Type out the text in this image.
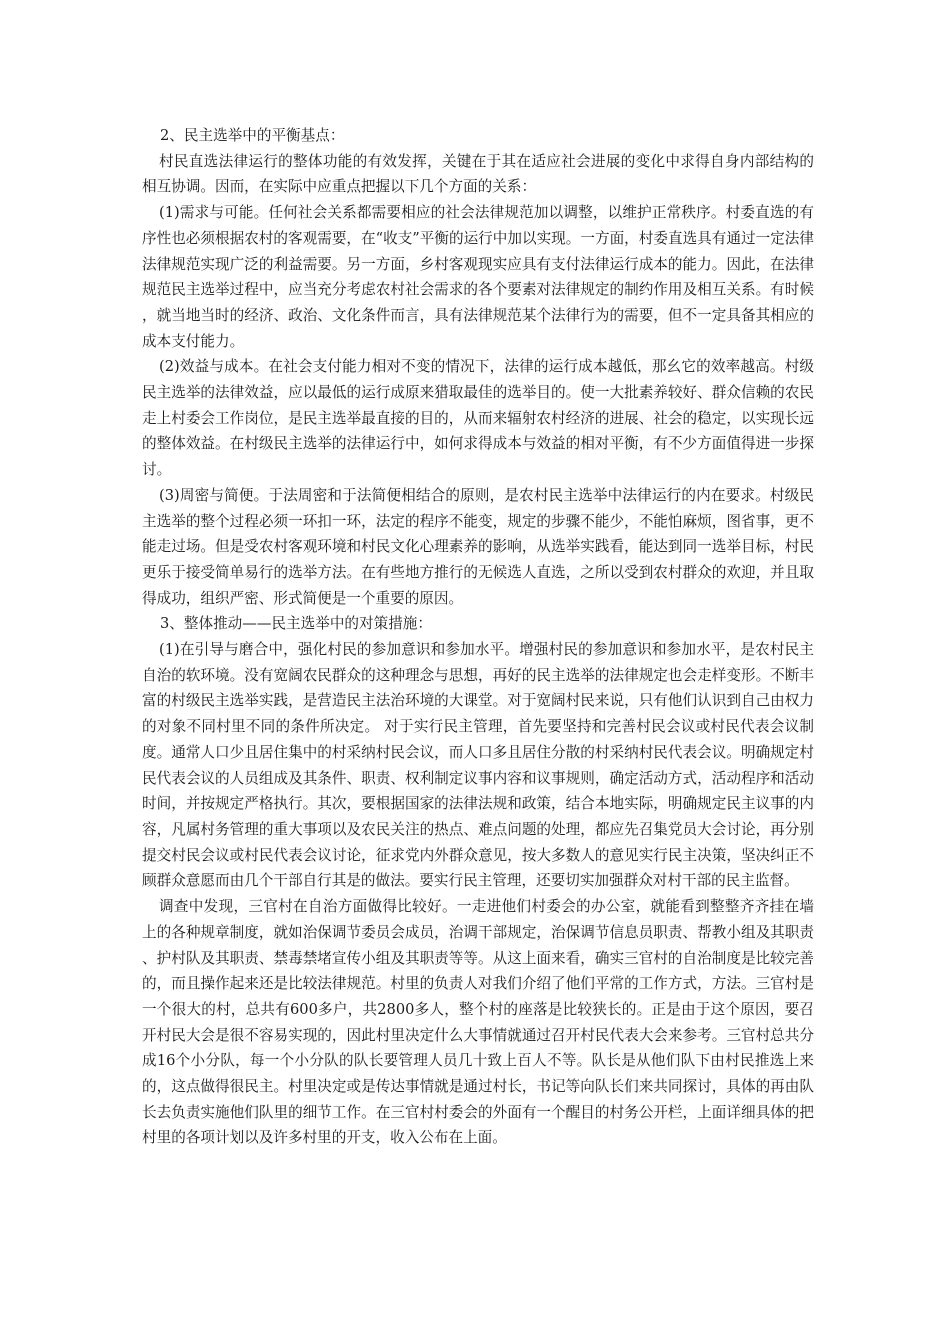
2、民主选举中的平衡基点：

村民直选法律运行的整体功能的有效发挥，关键在于其在适应社会进展的变化中求得自身内部结构的相互协调。因而，在实际中应重点把握以下几个方面的关系：

(1)需求与可能。任何社会关系都需要相应的社会法律规范加以调整，以维护正常秩序。村委直选的有序性也必须根据农村的客观需要，在“收支”平衡的运行中加以实现。一方面，村委直选具有通过一定法律法律规范实现广泛的利益需要。另一方面，乡村客观现实应具有支付法律运行成本的能力。因此，在法律规范民主选举过程中，应当充分考虑农村社会需求的各个要素对法律规定的制约作用及相互关系。有时候，就当地当时的经济、政治、文化条件而言，具有法律规范某个法律行为的需要，但不一定具备其相应的成本支付能力。

(2)效益与成本。在社会支付能力相对不变的情况下，法律的运行成本越低，那幺它的效率越高。村级民主选举的法律效益，应以最低的运行成原来猎取最佳的选举目的。使一大批素养较好、群众信赖的农民走上村委会工作岗位，是民主选举最直接的目的，从而来辐射农村经济的进展、社会的稳定，以实现长远的整体效益。在村级民主选举的法律运行中，如何求得成本与效益的相对平衡，有不少方面值得进一步探讨。

(3)周密与简便。于法周密和于法简便相结合的原则，是农村民主选举中法律运行的内在要求。村级民主选举的整个过程必须一环扣一环，法定的程序不能变，规定的步骤不能少，不能怕麻烦，图省事，更不能走过场。但是受农村客观环境和村民文化心理素养的影响，从选举实践看，能达到同一选举目标，村民更乐于接受简单易行的选举方法。在有些地方推行的无候选人直选，之所以受到农村群众的欢迎，并且取得成功，组织严密、形式简便是一个重要的原因。

3、整体推动——民主选举中的对策措施：

(1)在引导与磨合中，强化村民的参加意识和参加水平。增强村民的参加意识和参加水平，是农村民主自治的软环境。没有宽阔农民群众的这种理念与思想，再好的民主选举的法律规定也会走样变形。不断丰富的村级民主选举实践，是营造民主法治环境的大课堂。对于宽阔村民来说，只有他们认识到自己由权力的对象不同村里不同的条件所决定。 对于实行民主管理，首先要坚持和完善村民会议或村民代表会议制度。通常人口少且居住集中的村采纳村民会议，而人口多且居住分散的村采纳村民代表会议。明确规定村民代表会议的人员组成及其条件、职责、权利制定议事内容和议事规则，确定活动方式，活动程序和活动时间，并按规定严格执行。其次，要根据国家的法律法规和政策，结合本地实际，明确规定民主议事的内容，凡属村务管理的重大事项以及农民关注的热点、难点问题的处理，都应先召集党员大会讨论，再分别提交村民会议或村民代表会议讨论，征求党内外群众意见，按大多数人的意见实行民主决策，坚决纠正不顾群众意愿而由几个干部自行其是的做法。要实行民主管理，还要切实加强群众对村干部的民主监督。

调查中发现，三官村在自治方面做得比较好。一走进他们村委会的办公室，就能看到整整齐齐挂在墙上的各种规章制度，就如治保调节委员会成员，治调干部规定，治保调节信息员职责、帮教小组及其职责、护村队及其职责、禁毒禁堵宣传小组及其职责等等。从这上面来看，确实三官村的自治制度是比较完善的，而且操作起来还是比较法律规范。村里的负责人对我们介绍了他们平常的工作方式，方法。三官村是一个很大的村，总共有600多户，共2800多人，整个村的座落是比较狭长的。正是由于这个原因，要召开村民大会是很不容易实现的，因此村里决定什么大事情就通过召开村民代表大会来参考。三官村总共分成16个小分队，每一个小分队的队长要管理人员几十致上百人不等。队长是从他们队下由村民推选上来的，这点做得很民主。村里决定或是传达事情就是通过村长，书记等向队长们来共同探讨，具体的再由队长去负责实施他们队里的细节工作。在三官村村委会的外面有一个醒目的村务公开栏，上面详细具体的把村里的各项计划以及许多村里的开支，收入公布在上面。
